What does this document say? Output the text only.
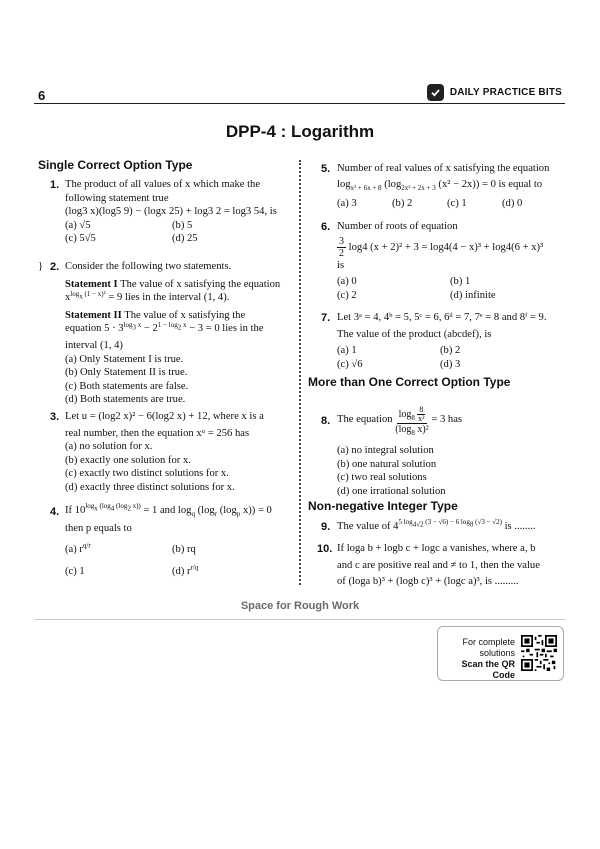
6	DAILY PRACTICE BITS
DPP-4 : Logarithm
Single Correct Option Type
1. The product of all values of x which make the
following statement true
(log3 x)(log5 9) − (logx 25) + log3 2 = log3 54, is
(a) √5	(b) 5
(c) 5√5	(d) 25
2. Consider the following two statements.
Statement I The value of x satisfying the equation
$x^{log_x (1 - x)^2} = 9$ lies in the interval (1, 4).
Statement II The value of x satisfying the
equation $5 \cdot 3^{log_3 x} - 2^{1 - log_2 x} - 3 = 0$ lies in the
interval (1, 4)
(a) Only Statement I is true.
(b) Only Statement II is true.
(c) Both statements are false.
(d) Both statements are true.
}
3. Let u = (log2 x)² − 6(log2 x) + 12, where x is a
real number, then the equation xᵘ = 256 has
(a) no solution for x.
(b) exactly one solution for x.
(c) exactly two distinct solutions for x.
(d) exactly three distinct solutions for x.
4. If $10^{log_x (log_4 (log_2 x))} = 1$ and $\log_q (\log_r$ ($\log_p$ x)) = 0
then p equals to
(a) $r^{q/r}$	(b) rq
(c) 1	(d) $r^{r/q}$
5. Number of real values of x satisfying the equation
$\log_{x^2 + 6x + 8} (\log_{2x^2 + 2x + 3}$ (x² − 2x)) = 0 is equal to
(a) 3	(b) 2	(c) 1	(d) 0
6. Number of roots of equation
$\frac{3}{2} \log 4$ (x + 2)² + 3 = log4(4 − x)³ + log4(6 + x)³
is
(a) 0	(b) 1
(c) 2	(d) infinite
7. Let 3ᵃ = 4, 4ᵇ = 5, 5ᶜ = 6, 6ᵈ = 7, 7ᵉ = 8 and 8ᶠ = 9.
The value of the product (abcdef), is
(a) 1	(b) 2
(c) √6	(d) 3
More than One Correct Option Type
8. The equation
$\frac{\log_8 \frac{8}{\text{x²}}}{(\log_8 x)^2}$
= 3 has
(a) no integral solution
(b) one natural solution
(c) two real solutions
(d) one irrational solution
Non-negative Integer Type
9. The value of $4^{5 log_{4√2} (3 - √6) - 6 log_8 (√3 - √2)}$ is ........
10. If loga b + logb c + logc a vanishes, where a, b
and c are positive real and ≠ to 1, then the value
of (loga b)³ + (logb c)³ + (logc a)³, is .........
Space for Rough Work
For complete
solutions
Scan the QR Code
